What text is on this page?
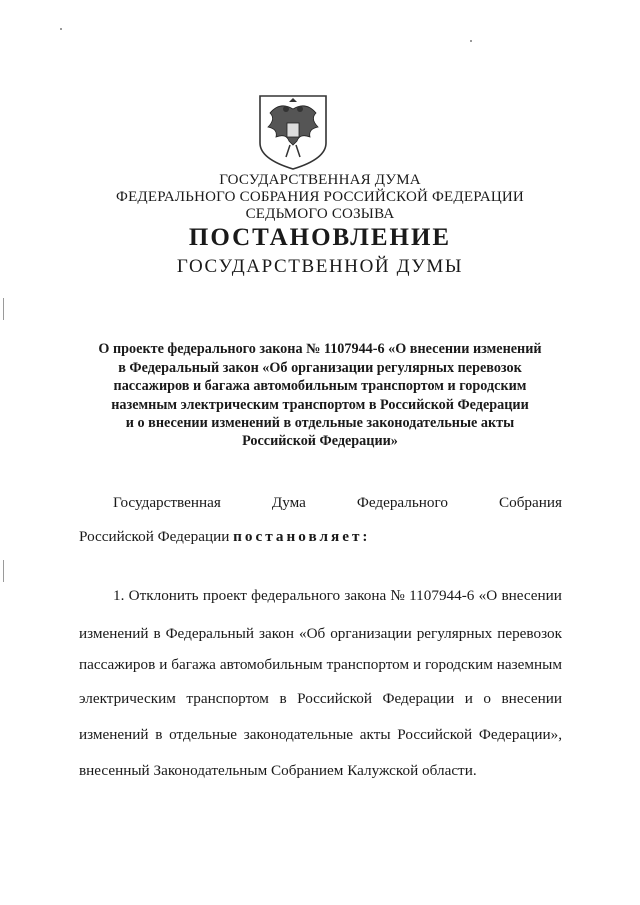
ГОСУДАРСТВЕННАЯ ДУМА
ФЕДЕРАЛЬНОГО СОБРАНИЯ РОССИЙСКОЙ ФЕДЕРАЦИИ
СЕДЬМОГО СОЗЫВА
ПОСТАНОВЛЕНИЕ
ГОСУДАРСТВЕННОЙ ДУМЫ
О проекте федерального закона № 1107944-6 «О внесении изменений
в Федеральный закон «Об организации регулярных перевозок
пассажиров и багажа автомобильным транспортом и городским
наземным электрическим транспортом в Российской Федерации
и о внесении изменений в отдельные законодательные акты
Российской Федерации»
Государственная	Дума	Федерального	Собрания
Российской Федерации постановляет:
1. Отклонить проект федерального закона № 1107944-6 «О внесении
изменений в Федеральный закон «Об организации регулярных перевозок
пассажиров и багажа автомобильным транспортом и городским наземным
электрическим транспортом в Российской Федерации и о внесении
изменений в отдельные законодательные акты Российской Федерации»,
внесенный Законодательным Собранием Калужской области.
